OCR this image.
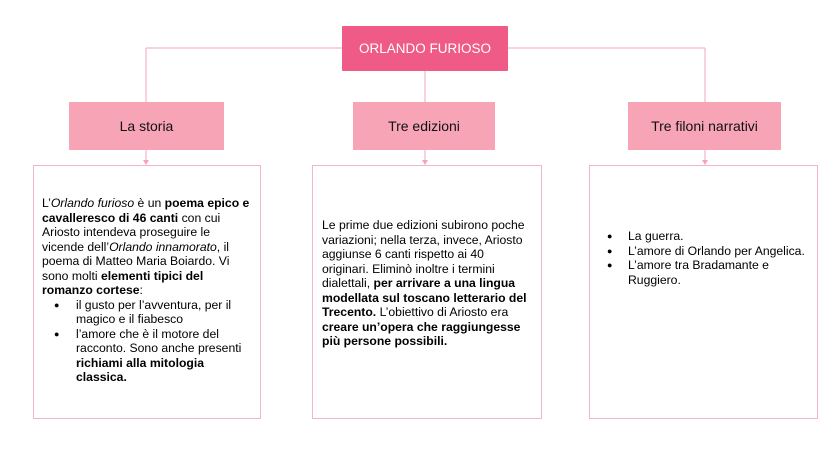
ORLANDO FURIOSO
La storia	Tre edizioni	Tre filoni narrativi
L’Orlando furioso è un poema epico e cavalleresco di 46 canti con cui Ariosto intendeva proseguire le vicende dell’Orlando innamorato, il poema di Matteo Maria Boiardo. Vi sono molti elementi tipici del romanzo cortese:
● il gusto per l’avventura, per il magico e il fiabesco
● l’amore che è il motore del racconto. Sono anche presenti richiami alla mitologia classica.
Le prime due edizioni subirono poche variazioni; nella terza, invece, Ariosto aggiunse 6 canti rispetto ai 40 originari. Eliminò inoltre i termini dialettali, per arrivare a una lingua modellata sul toscano letterario del Trecento. L’obiettivo di Ariosto era creare un’opera che raggiungesse più persone possibili.
● La guerra.
● L’amore di Orlando per Angelica.
● L’amore tra Bradamante e Ruggiero.
